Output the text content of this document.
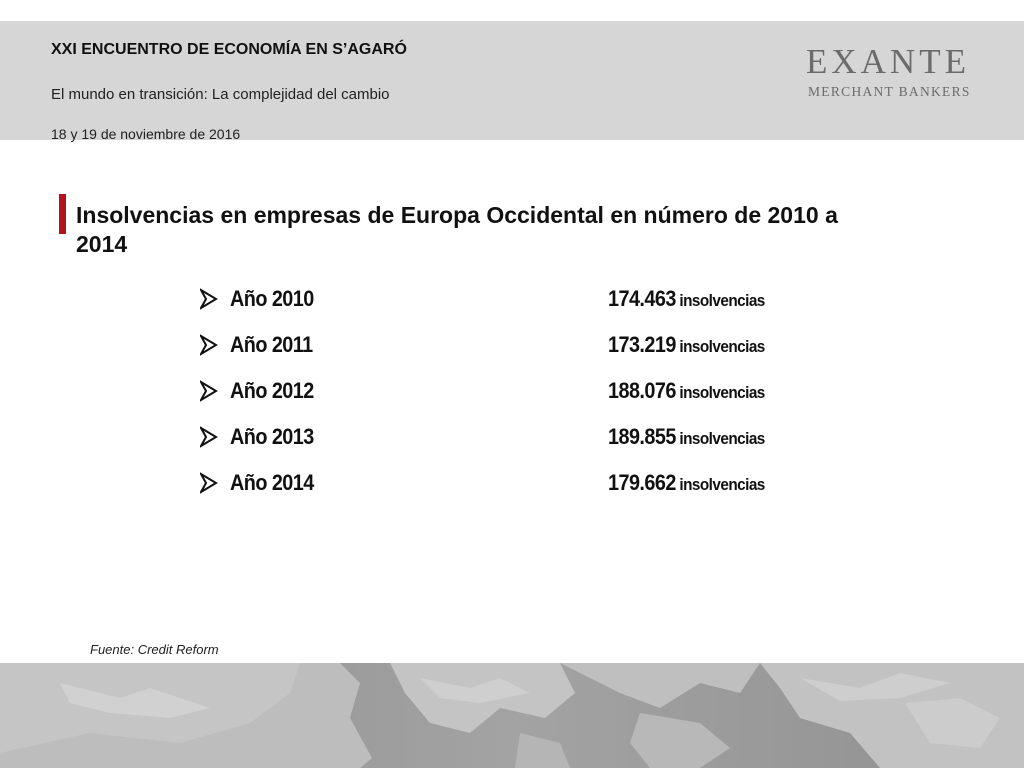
XXI ENCUENTRO DE ECONOMÍA EN S’AGARÓ
El mundo en transición: La complejidad del cambio
18 y 19 de noviembre de 2016
EXANTE
MERCHANT BANKERS
Insolvencias en empresas de Europa Occidental en número de 2010 a 2014
Año 2010	174.463 insolvencias
Año 2011	173.219 insolvencias
Año 2012	188.076 insolvencias
Año 2013	189.855 insolvencias
Año 2014	179.662 insolvencias
Fuente: Credit Reform
